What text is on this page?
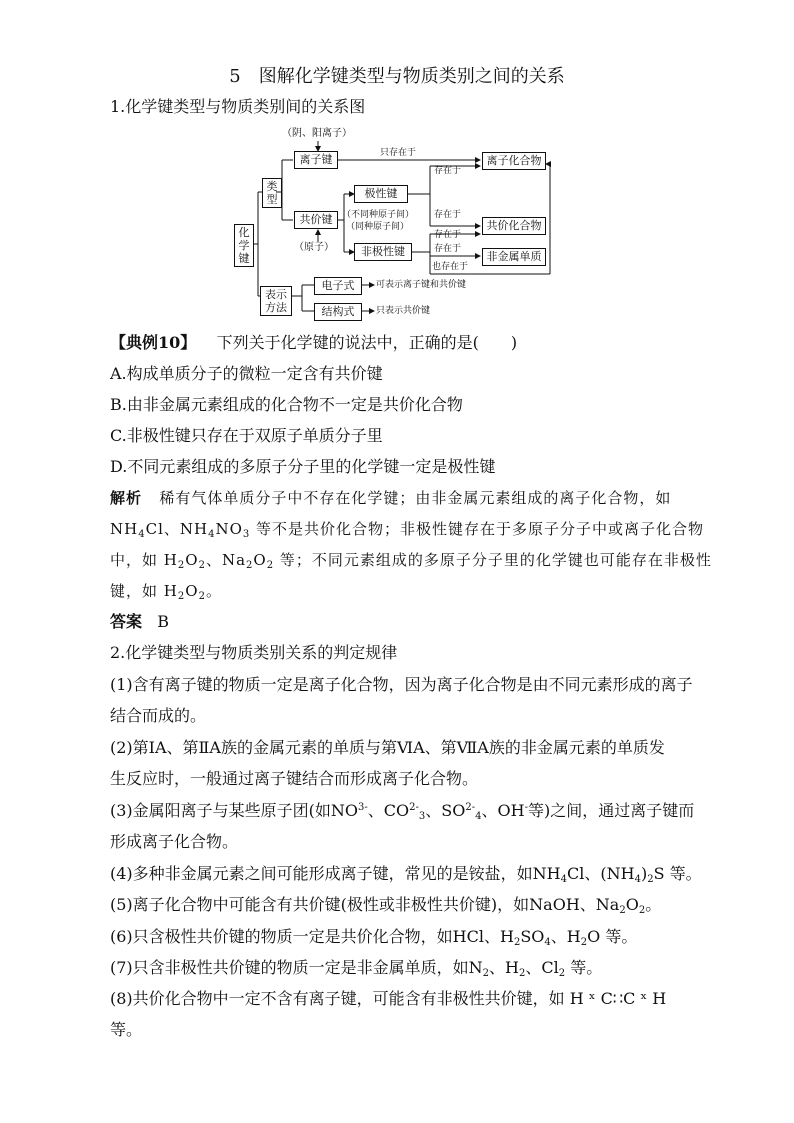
5 图解化学键类型与物质类别之间的关系
1.化学键类型与物质类别间的关系图
化
学
键
类
型
表示
方法
（阴、阳离子）
离子键	只存在于
共价键
（原子）
极性键
（不同种原子间）
（同种原子间）
非极性键
存在于
存在于
存在于
存在于
也存在于
离子化合物
共价化合物
非金属单质
电子式	可表示离子键和共价键
结构式	只表示共价键
【典例10】 下列关于化学键的说法中，正确的是(　　)
A.构成单质分子的微粒一定含有共价键
B.由非金属元素组成的化合物不一定是共价化合物
C.非极性键只存在于双原子单质分子里
D.不同元素组成的多原子分子里的化学键一定是极性键
解析 稀有气体单质分子中不存在化学键；由非金属元素组成的离子化合物，如
$NH_4Cl$、$NH_4NO_3$ 等不是共价化合物；非极性键存在于多原子分子中或离子化合物
中，如 $H_2O_2$、$Na_2O_2$ 等；不同元素组成的多原子分子里的化学键也可能存在非极性
键，如 $H_2O_2$。
答案 B
2.化学键类型与物质类别关系的判定规律
(1)含有离子键的物质一定是离子化合物，因为离子化合物是由不同元素形成的离子
结合而成的。
(2)第ⅠA、第ⅡA族的金属元素的单质与第ⅥA、第ⅦA族的非金属元素的单质发
生反应时，一般通过离子键结合而形成离子化合物。
(3)金属阳离子与某些原子团(如$NO^{3-}$、$CO^{2-}_3$、$SO^{2-}_4$、OH-等)之间，通过离子键而
形成离子化合物。
(4)多种非金属元素之间可能形成离子键，常见的是铵盐，如$NH_4Cl$、$(NH_4)_2S$ 等。
(5)离子化合物中可能含有共价键(极性或非极性共价键)，如NaOH、$Na_2O_2$。
(6)只含极性共价键的物质一定是共价化合物，如HCl、$H_2SO_4$、$H_2O$ 等。
(7)只含非极性共价键的物质一定是非金属单质，如$N_2$、$H_2$、$Cl_2$ 等。
(8)共价化合物中一定不含有离子键，可能含有非极性共价键，如 H ˣ C∷C ˣ H
等。
